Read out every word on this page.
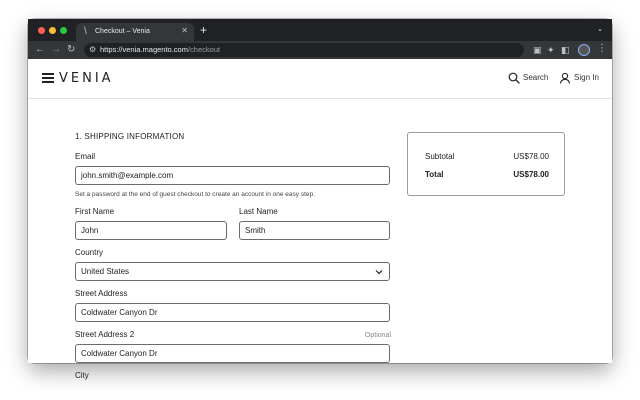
\ Checkout – Venia	✕ +	⌄
← → ↻ ⚙ https://venia.magento.com/checkout	▣ ✦ ◧	⋮
VENIA	Search	Sign In
1. SHIPPING INFORMATION
Email
john.smith@example.com
Set a password at the end of guest checkout to create an account in one easy step.
First Name
John
Last Name
Smith
Country
United States
Street Address
Coldwater Canyon Dr
Street Address 2	Optional
Coldwater Canyon Dr
City
Subtotal	US$78.00
Total	US$78.00
